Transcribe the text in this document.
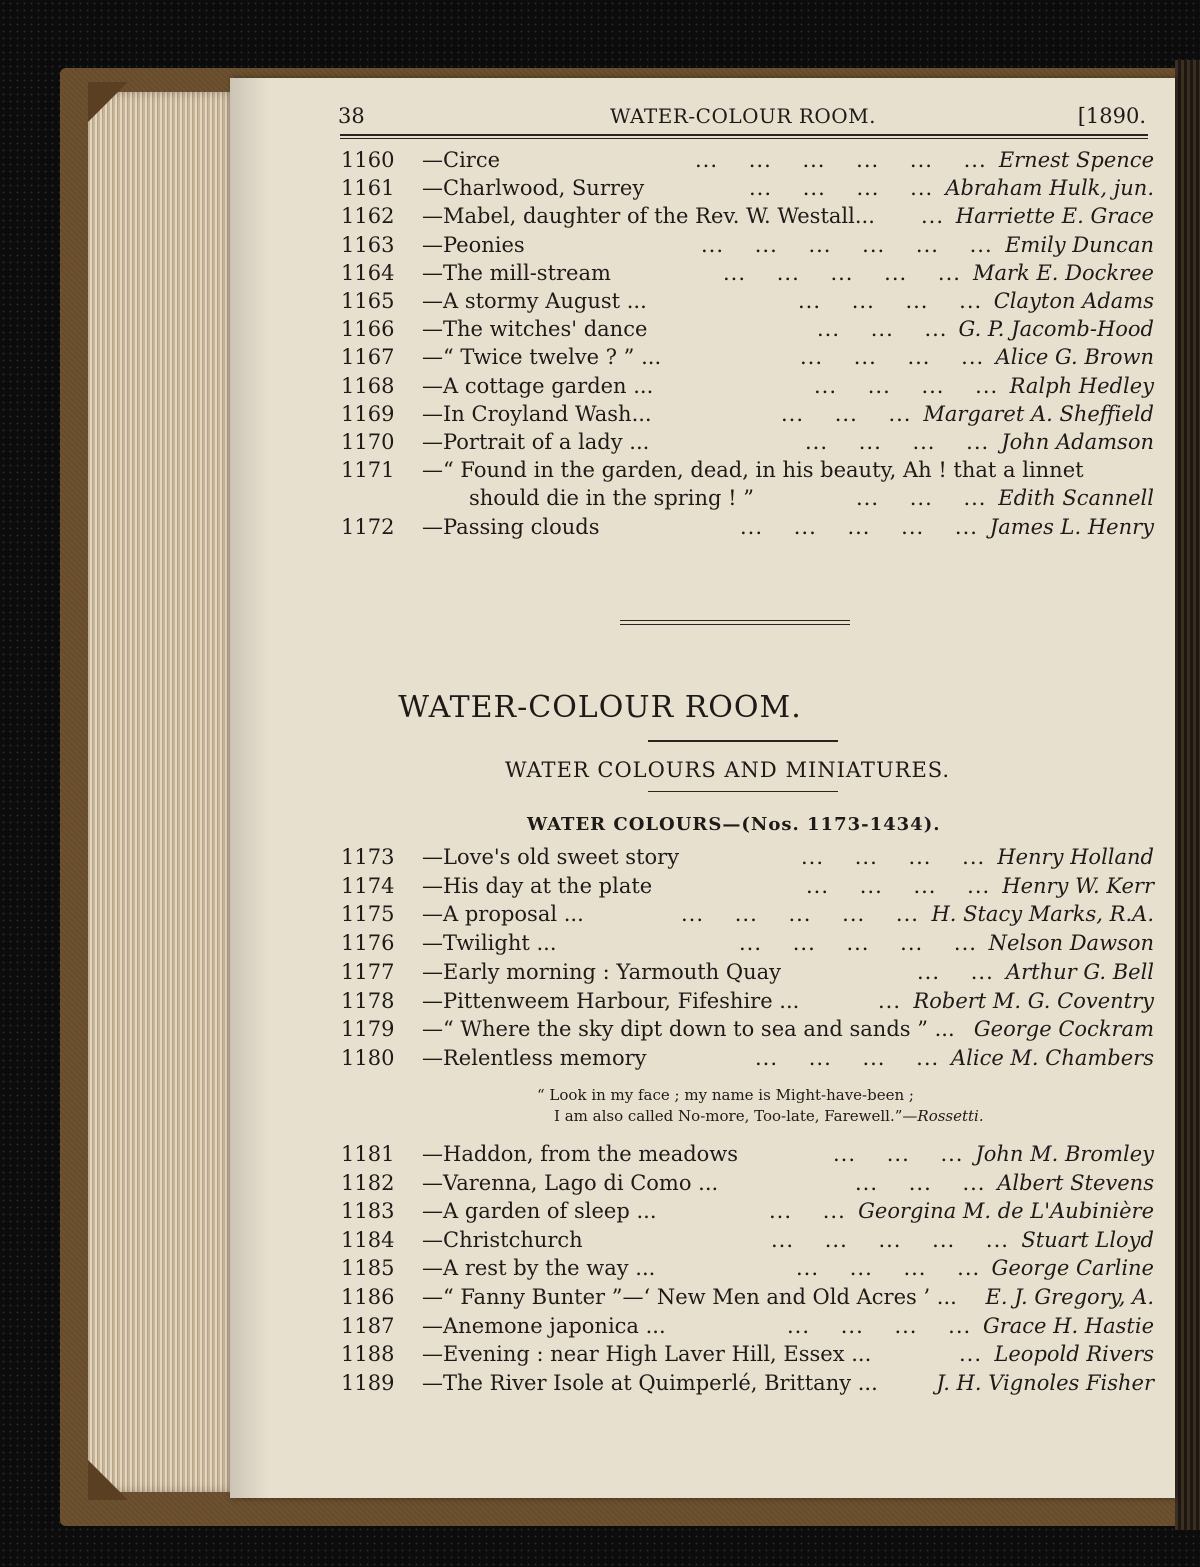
38	WATER-COLOUR ROOM.	[1890.
1160 —Circe	...    ...    ...    ...    ...    ... Ernest Spence
1161 —Charlwood, Surrey	...    ...    ...    ... Abraham Hulk, jun.
1162 —Mabel, daughter of the Rev. W. Westall... ... Harriette E. Grace
1163 —Peonies	...    ...    ...    ...    ...    ... Emily Duncan
1164 —The mill-stream	...    ...    ...    ...    ... Mark E. Dockree
1165 —A stormy August ...	...    ...    ...    ... Clayton Adams
1166 —The witches' dance	...    ...    ... G. P. Jacomb-Hood
1167 —“ Twice twelve ? ” ...	...    ...    ...    ... Alice G. Brown
1168 —A cottage garden ...	...    ...    ...    ... Ralph Hedley
1169 —In Croyland Wash...	...    ...    ... Margaret A. Sheffield
1170 —Portrait of a lady ...	...    ...    ...    ... John Adamson
1171 —“ Found in the garden, dead, in his beauty, Ah ! that a linnet
should die in the spring ! ”	...    ...    ... Edith Scannell
1172 —Passing clouds	...    ...    ...    ...    ... James L. Henry
WATER-COLOUR ROOM.
WATER COLOURS AND MINIATURES.
WATER COLOURS—(Nos. 1173-1434).
1173 —Love's old sweet story	...    ...    ...    ... Henry Holland
1174 —His day at the plate	...    ...    ...    ... Henry W. Kerr
1175 —A proposal ...	...    ...    ...    ...    ... H. Stacy Marks, R.A.
1176 —Twilight ...	...    ...    ...    ...    ... Nelson Dawson
1177 —Early morning : Yarmouth Quay	...    ... Arthur G. Bell
1178 —Pittenweem Harbour, Fifeshire ...	... Robert M. G. Coventry
1179 —“ Where the sky dipt down to sea and sands ” ... George Cockram
1180 —Relentless memory	...    ...    ...    ... Alice M. Chambers
“ Look in my face ; my name is Might-have-been ;
I am also called No-more, Too-late, Farewell.”—Rossetti.
1181 —Haddon, from the meadows	...    ...    ... John M. Bromley
1182 —Varenna, Lago di Como ...	...    ...    ... Albert Stevens
1183 —A garden of sleep ...	...    ... Georgina M. de L'Aubinière
1184 —Christchurch	...    ...    ...    ...    ... Stuart Lloyd
1185 —A rest by the way ...	...    ...    ...    ... George Carline
1186 —“ Fanny Bunter ”—‘ New Men and Old Acres ’ ... E. J. Gregory, A.
1187 —Anemone japonica ...	...    ...    ...    ... Grace H. Hastie
1188 —Evening : near High Laver Hill, Essex ...	... Leopold Rivers
1189 —The River Isole at Quimperlé, Brittany ...	J. H. Vignoles Fisher
